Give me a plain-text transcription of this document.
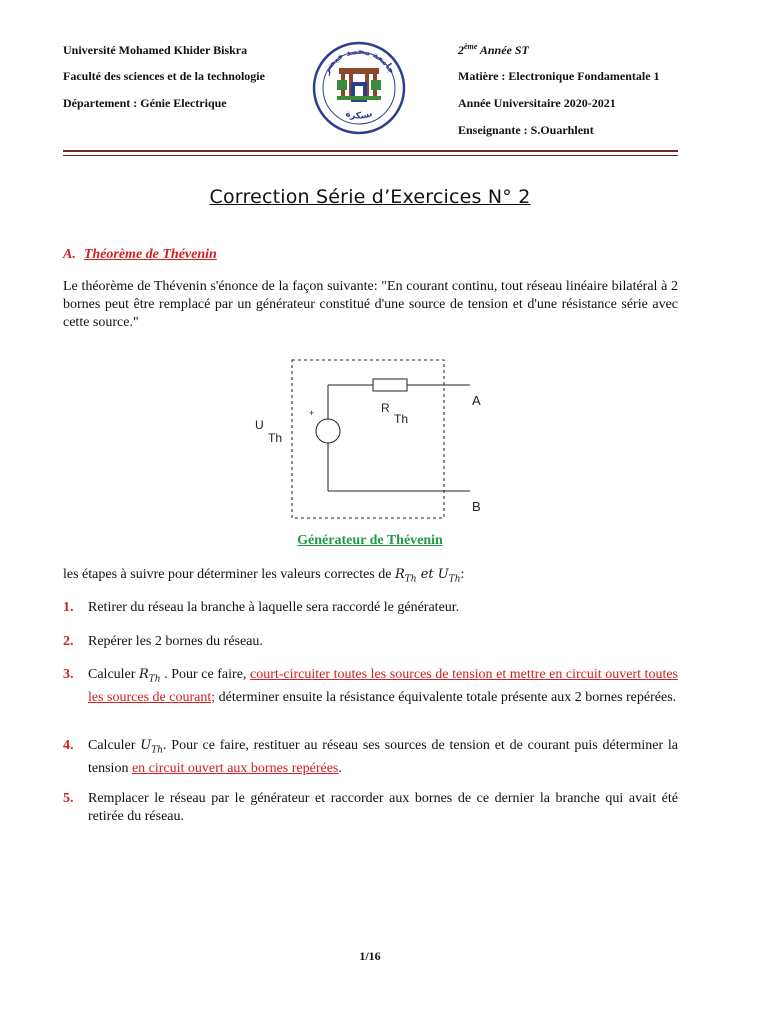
Université Mohamed Khider Biskra
Faculté des sciences et de la technologie
Département : Génie Electrique
جامعة محمد خيضر
بسكرة
2ème Année ST
Matière : Electronique Fondamentale 1
Année Universitaire 2020-2021
Enseignante : S.Ouarhlent
Correction Série d’Exercices N° 2
A. Théorème de Thévenin
Le théorème de Thévenin s'énonce de la façon suivante: "En courant continu, tout réseau linéaire bilatéral à 2 bornes peut être remplacé par un générateur constitué d'une source de tension et d'une résistance série avec cette source."
+
U
Th
R
Th
A
B
Générateur de Thévenin
les étapes à suivre pour déterminer les valeurs correctes de $R_{Th}$ et $U_{Th}$:
1. Retirer du réseau la branche à laquelle sera raccordé le générateur.
2. Repérer les 2 bornes du réseau.
3. Calculer $R_{Th}$ . Pour ce faire, court-circuiter toutes les sources de tension et mettre en circuit ouvert toutes les sources de courant; déterminer ensuite la résistance équivalente totale présente aux 2 bornes repérées.
4. Calculer $U_{Th}$. Pour ce faire, restituer au réseau ses sources de tension et de courant puis déterminer la tension en circuit ouvert aux bornes repérées.
5. Remplacer le réseau par le générateur et raccorder aux bornes de ce dernier la branche qui avait été retirée du réseau.
1/16
